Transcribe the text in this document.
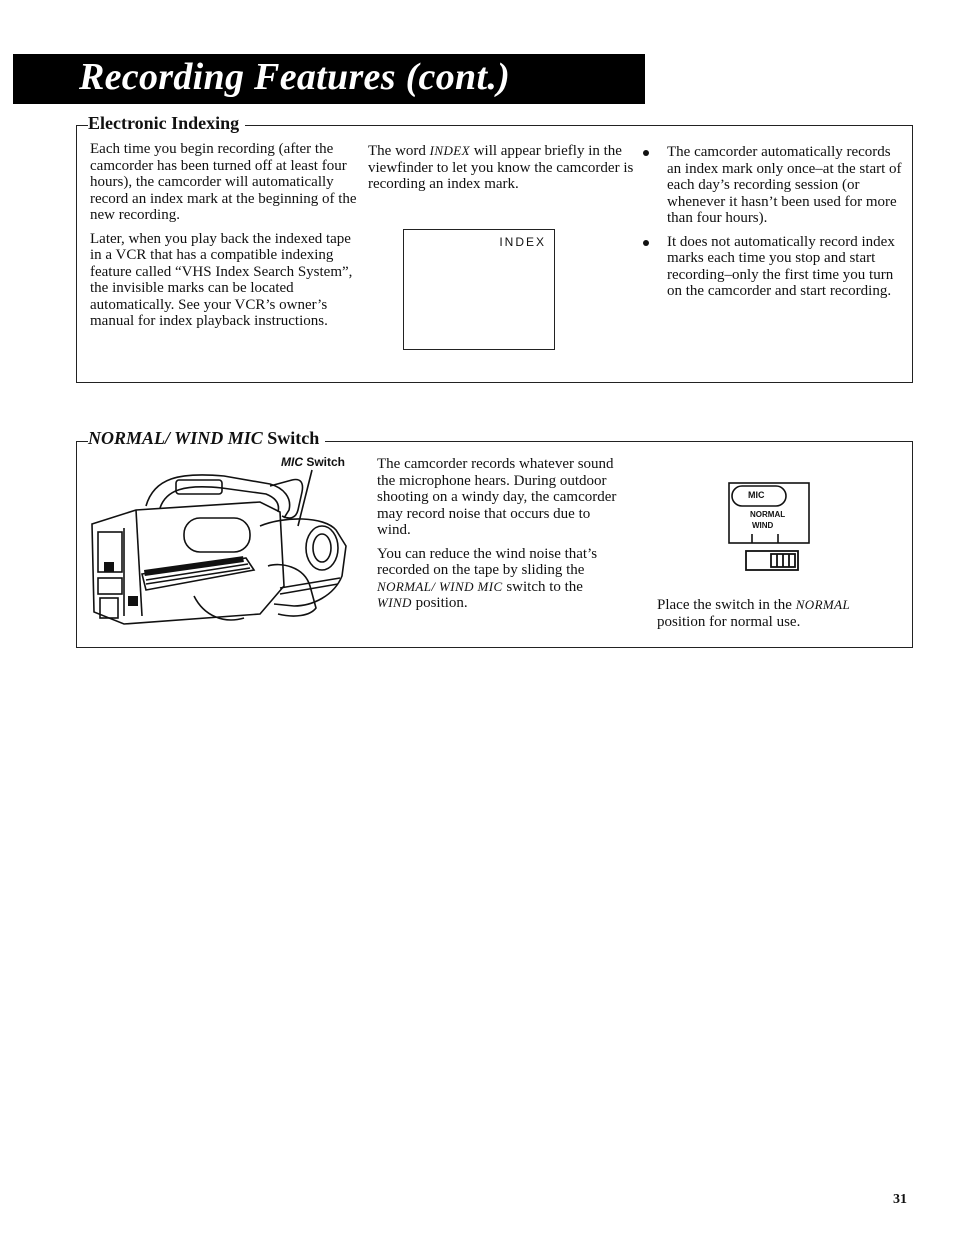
Recording Features (cont.)
Electronic Indexing

Each time you begin recording (after the camcorder has been turned off at least four hours), the camcorder will automatically record an index mark at the beginning of the new recording.

Later, when you play back the indexed tape in a VCR that has a compatible indexing feature called “VHS Index Search System”, the invisible marks can be located automatically. See your VCR’s owner’s manual for index playback instructions.

The word INDEX will appear briefly in the viewfinder to let you know the camcorder is recording an index mark.

INDEX
The camcorder automatically records an index mark only once–at the start of each day’s recording session (or whenever it hasn’t been used for more than four hours).
It does not automatically record index marks each time you stop and start recording–only the first time you turn on the camcorder and start recording.
NORMAL/ WIND MIC Switch
MIC Switch The camcorder records whatever sound the microphone hears. During outdoor shooting on a windy day, the camcorder may record noise that occurs due to wind.

You can reduce the wind noise that’s recorded on the tape by sliding the NORMAL/ WIND MIC switch to the WIND position.

MIC
NORMAL
WIND

Place the switch in the NORMAL position for normal use.

31
